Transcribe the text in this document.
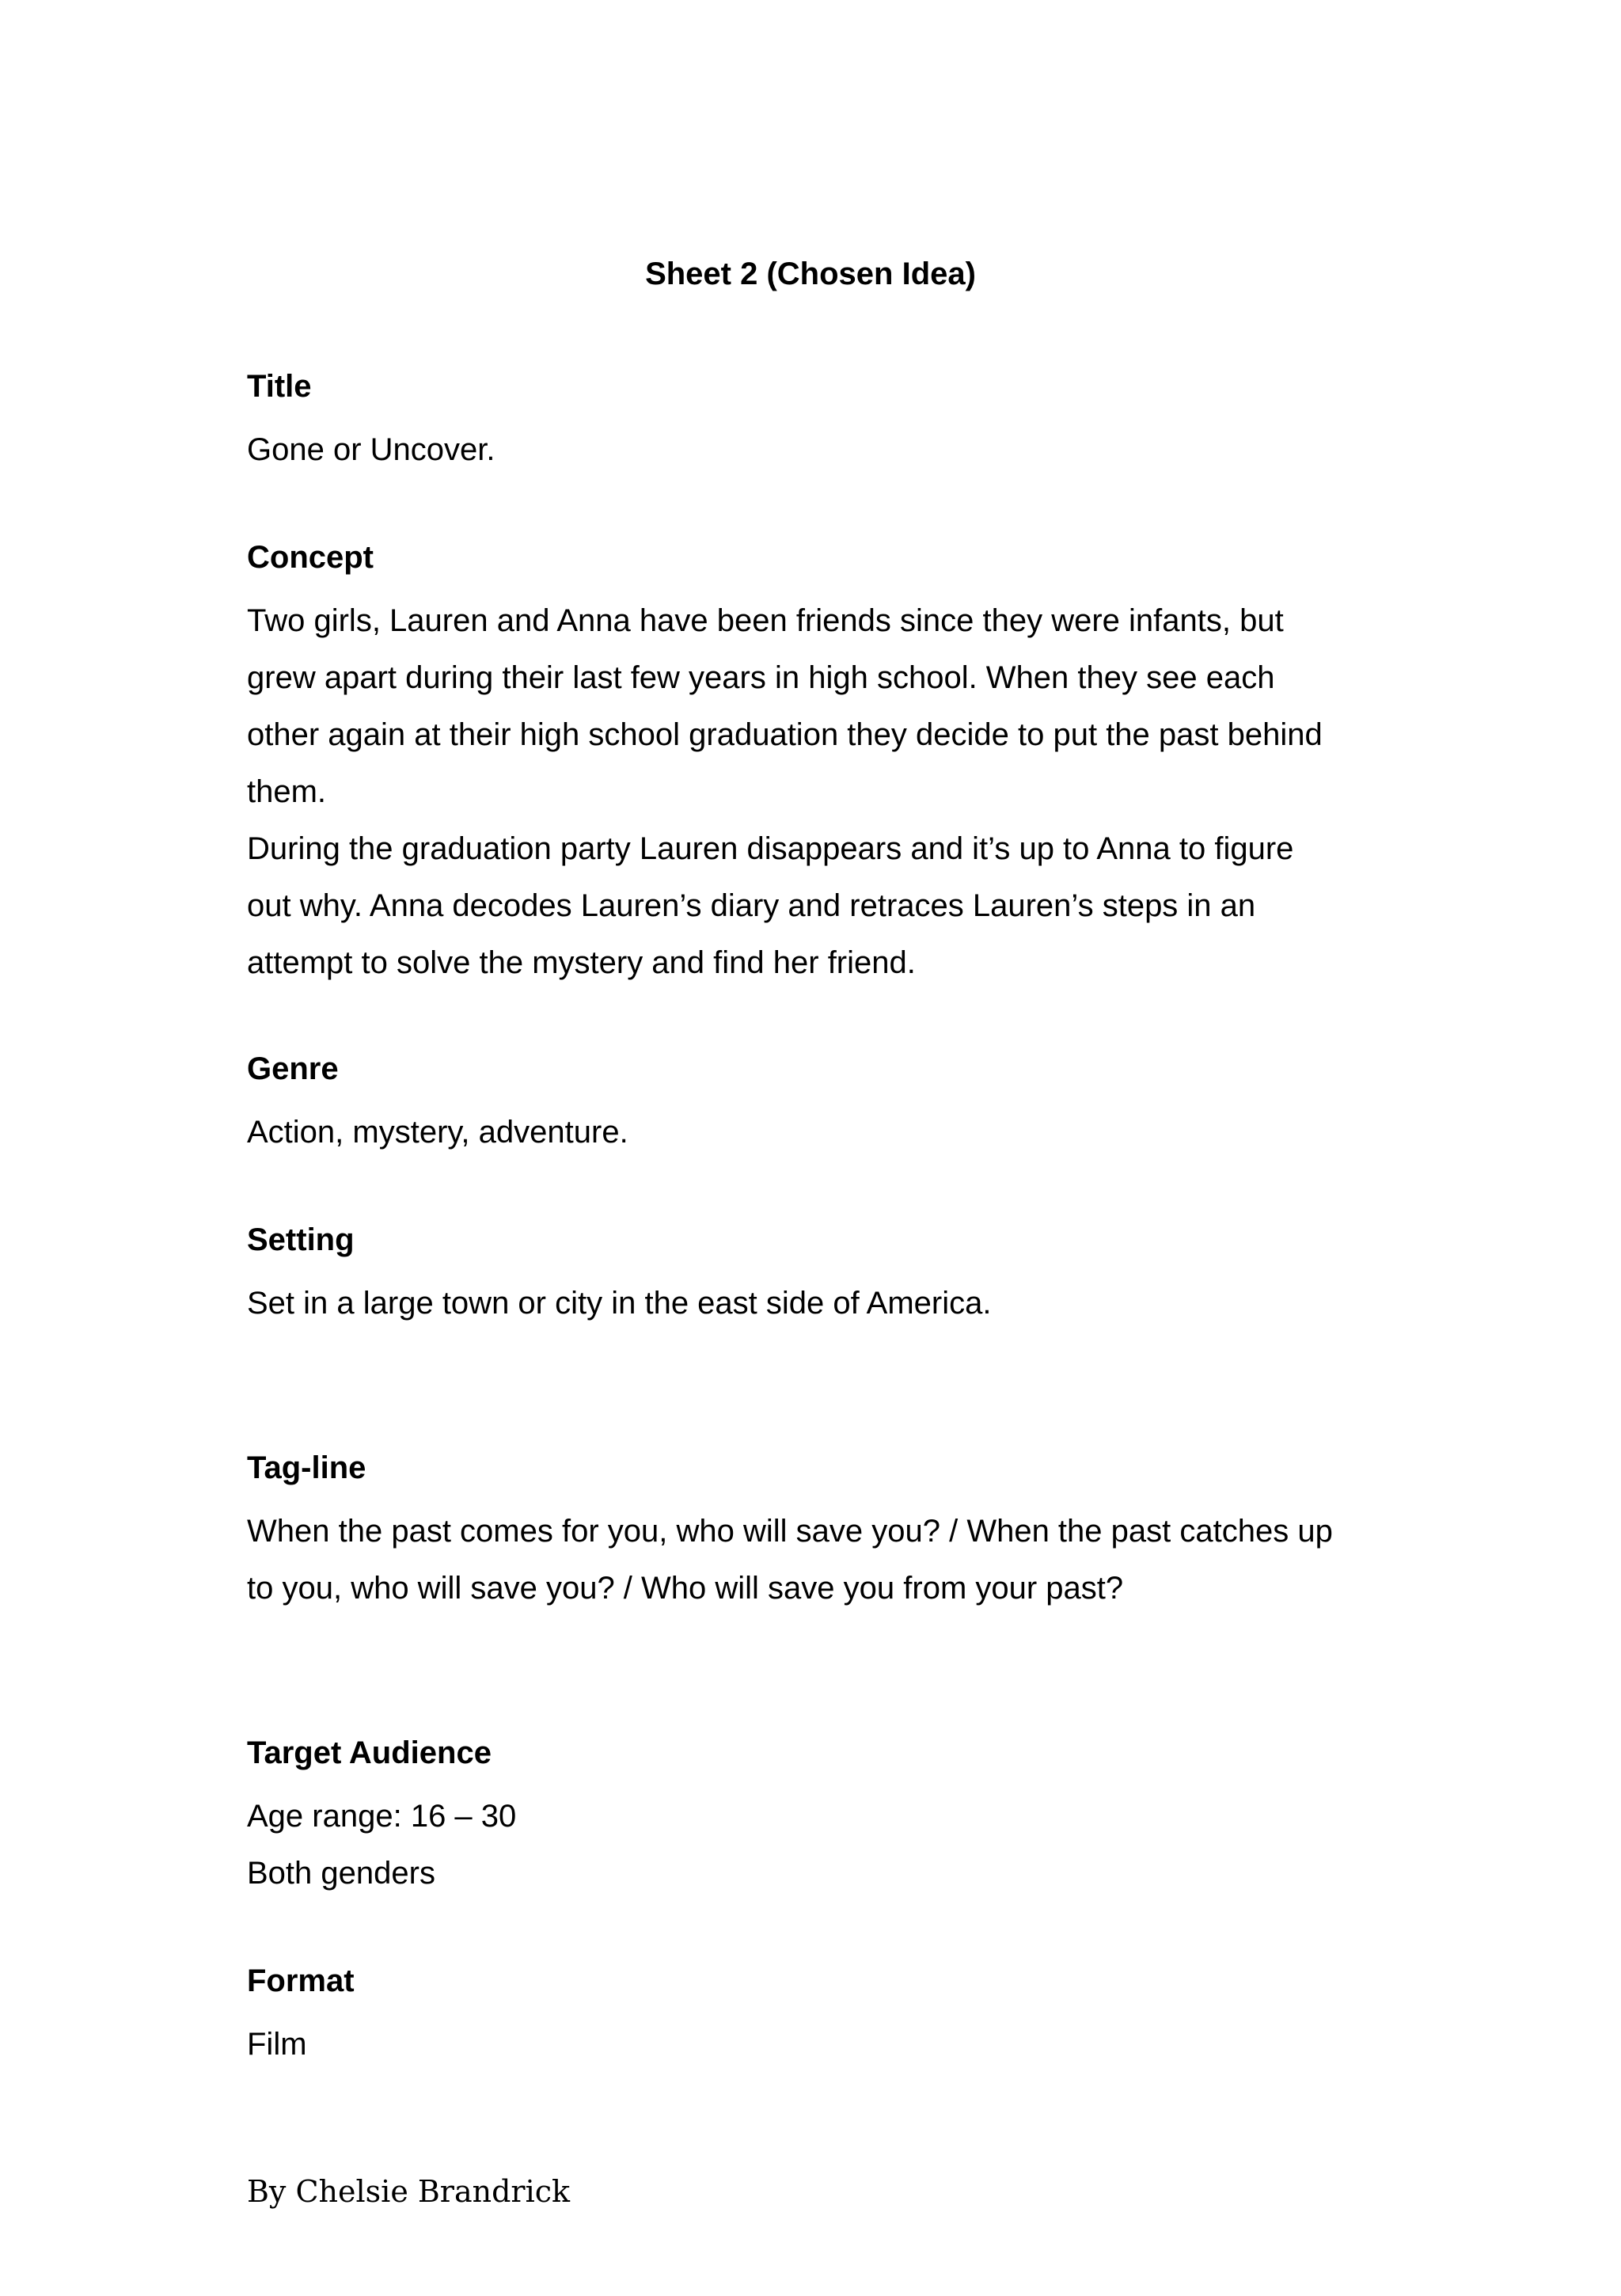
Sheet 2 (Chosen Idea)

Title

Gone or Uncover.

Concept

Two girls, Lauren and Anna have been friends since they were infants, but

grew apart during their last few years in high school. When they see each

other again at their high school graduation they decide to put the past behind

them.

During the graduation party Lauren disappears and it’s up to Anna to figure

out why. Anna decodes Lauren’s diary and retraces Lauren’s steps in an

attempt to solve the mystery and find her friend.

Genre

Action, mystery, adventure.

Setting

Set in a large town or city in the east side of America.

Tag-line

When the past comes for you, who will save you? / When the past catches up

to you, who will save you? / Who will save you from your past?

Target Audience

Age range: 16 – 30

Both genders

Format

Film

By Chelsie Brandrick
